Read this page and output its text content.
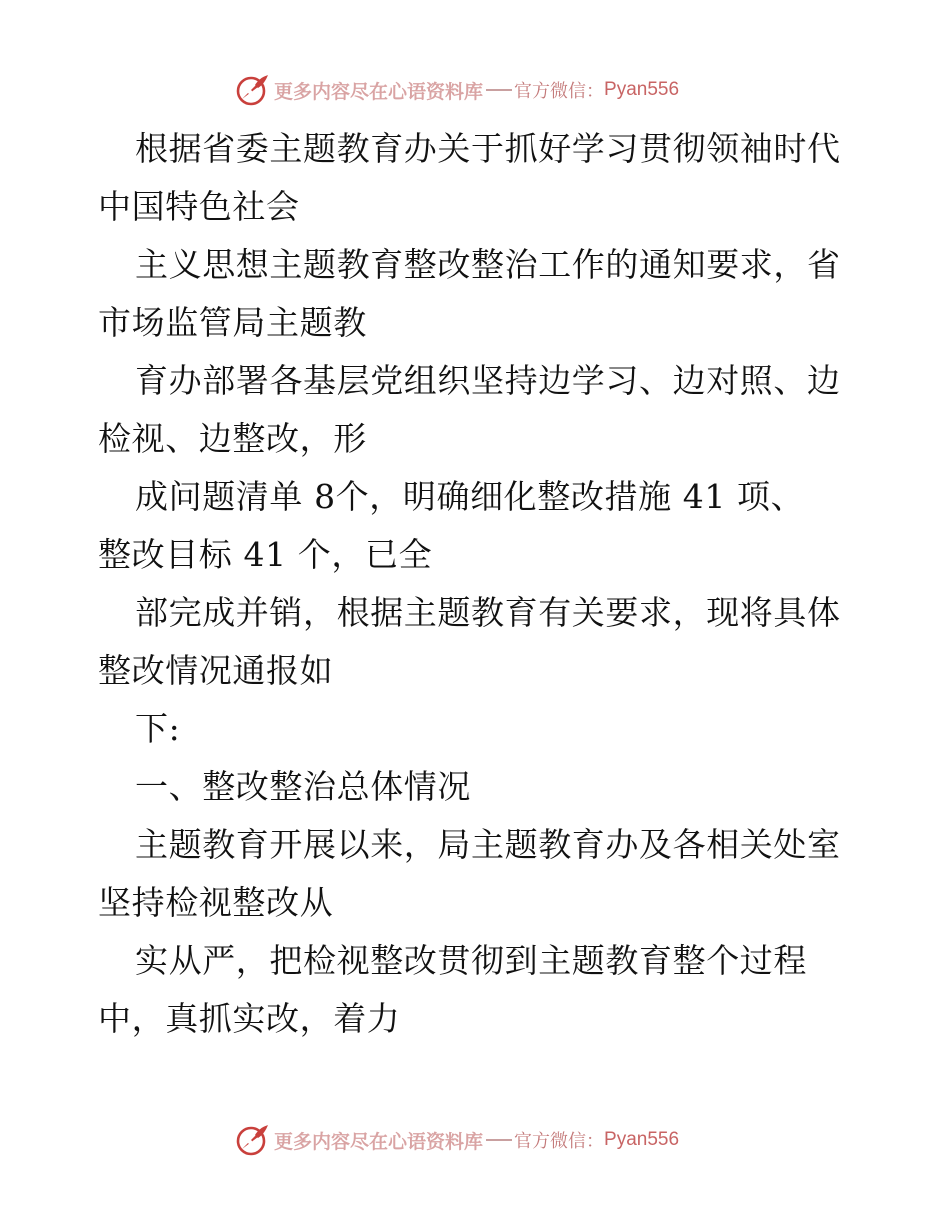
更多内容尽在心语资料库 官方微信： Pyan556
根据省委主题教育办关于抓好学习贯彻领袖时代
中国特色社会
主义思想主题教育整改整治工作的通知要求，省
市场监管局主题教
育办部署各基层党组织坚持边学习、边对照、边
检视、边整改，形
成问题清单 8个，明确细化整改措施 41 项、
整改目标 41 个，已全
部完成并销，根据主题教育有关要求，现将具体
整改情况通报如
下:
一、整改整治总体情况
主题教育开展以来，局主题教育办及各相关处室
坚持检视整改从
实从严，把检视整改贯彻到主题教育整个过程
中，真抓实改，着力
更多内容尽在心语资料库 官方微信： Pyan556
